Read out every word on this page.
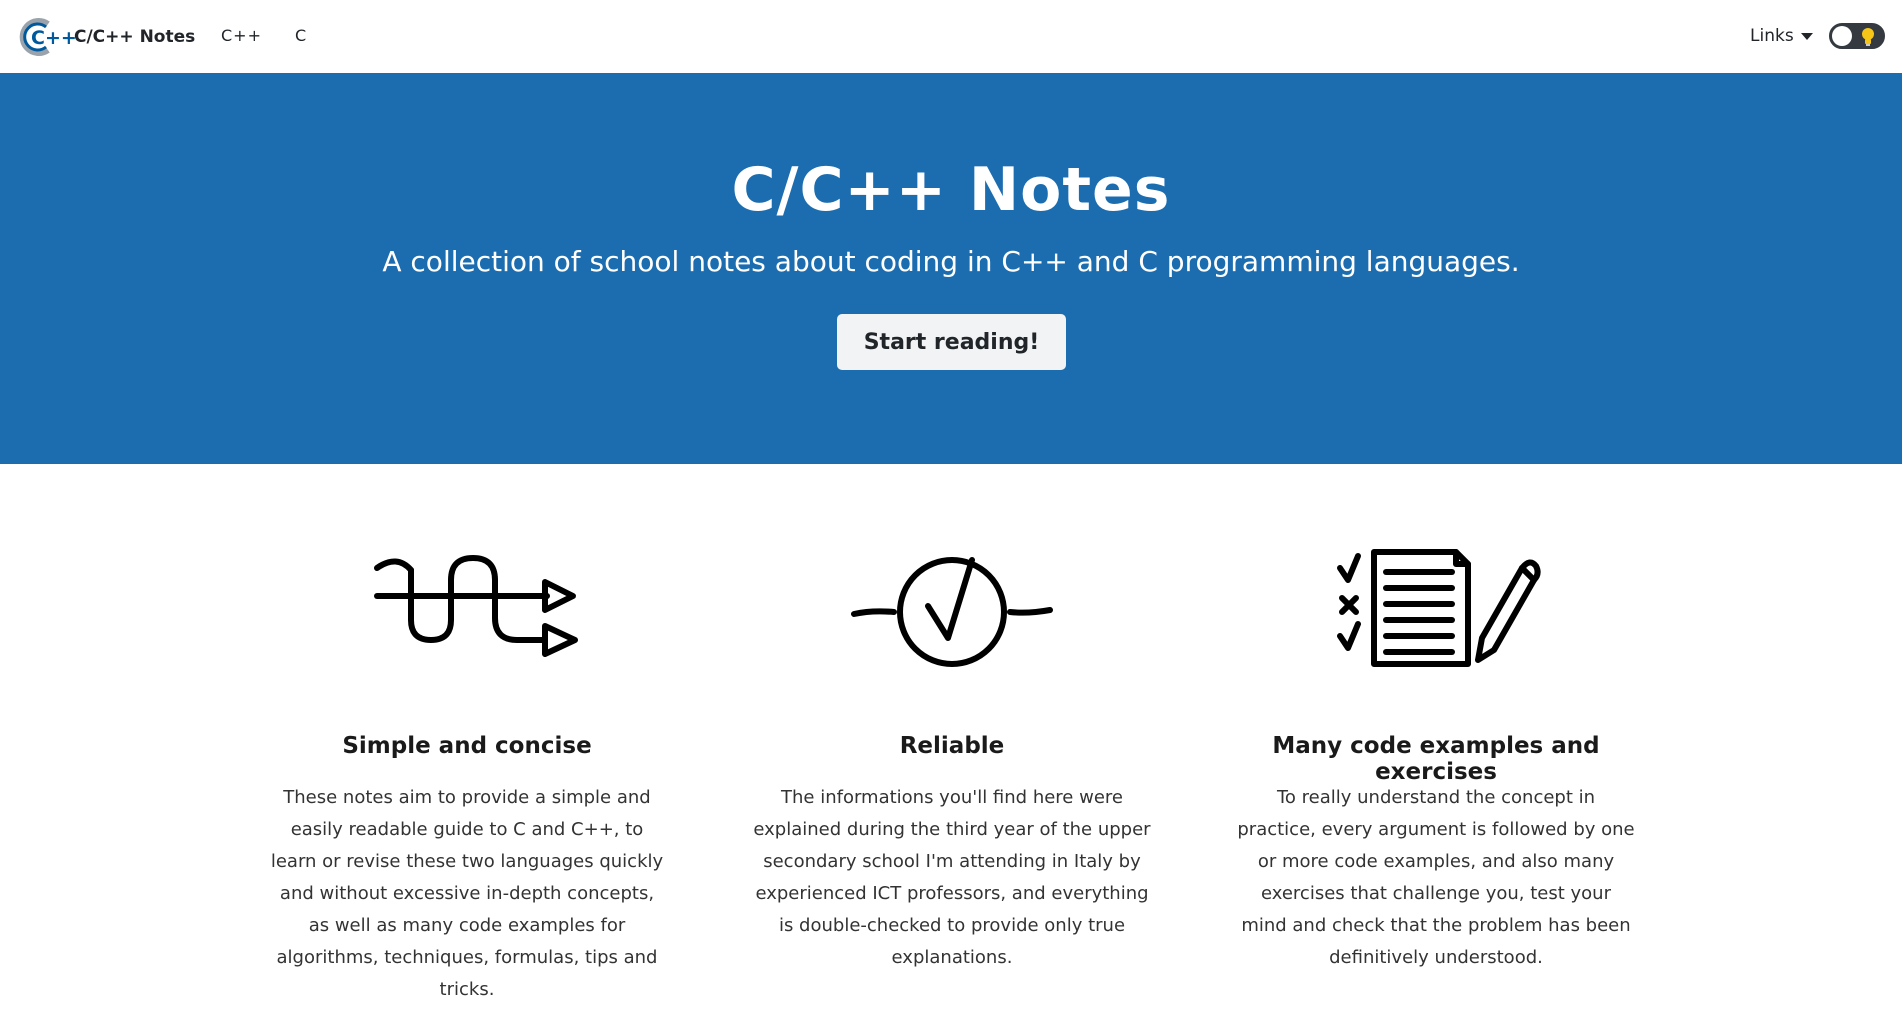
C++
C/C++ Notes C++ C	Links
C/C++ Notes

A collection of school notes about coding in C++ and C programming languages.

Start reading!
Simple and concise

These notes aim to provide a simple and easily readable guide to C and C++, to learn or revise these two languages quickly and without excessive in-depth concepts, as well as many code examples for algorithms, techniques, formulas, tips and tricks.

Reliable

The informations you'll find here were explained during the third year of the upper secondary school I'm attending in Italy by experienced ICT professors, and everything is double-checked to provide only true explanations.

Many code examples and exercises

To really understand the concept in practice, every argument is followed by one or more code examples, and also many exercises that challenge you, test your mind and check that the problem has been definitively understood.
